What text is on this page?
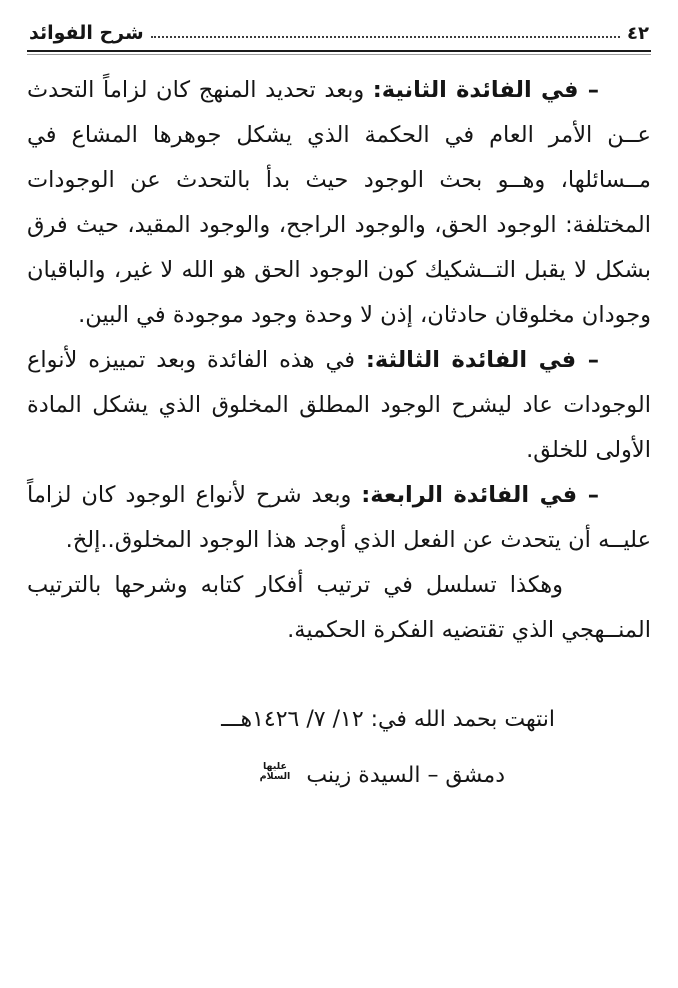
شرح الفوائد	٤٢

– في الفائدة الثانية: وبعد تحديد المنهج كان لزاماً التحدث عــن الأمر العام في الحكمة الذي يشكل جوهرها المشاع في مــسائلها، وهــو بحث الوجود حيث بدأ بالتحدث عن الوجودات المختلفة: الوجود الحق، والوجود الراجح، والوجود المقيد، حيث فرق بشكل لا يقبل التــشكيك كون الوجود الحق هو الله لا غير، والباقيان وجودان مخلوقان حادثان، إذن لا وحدة وجود موجودة في البين.

– في الفائدة الثالثة: في هذه الفائدة وبعد تمييزه لأنواع الوجودات عاد ليشرح الوجود المطلق المخلوق الذي يشكل المادة الأولى للخلق.

– في الفائدة الرابعة: وبعد شرح لأنواع الوجود كان لزاماً عليــه أن يتحدث عن الفعل الذي أوجد هذا الوجود المخلوق..إلخ.

وهكذا تسلسل في ترتيب أفكار كتابه وشرحها بالترتيب المنــهجي الذي تقتضيه الفكرة الحكمية.

انتهت بحمد الله في: ١٢/ ٧/ ١٤٢٦هـــ
دمشق – السيدة زينب
عليها
السلام
